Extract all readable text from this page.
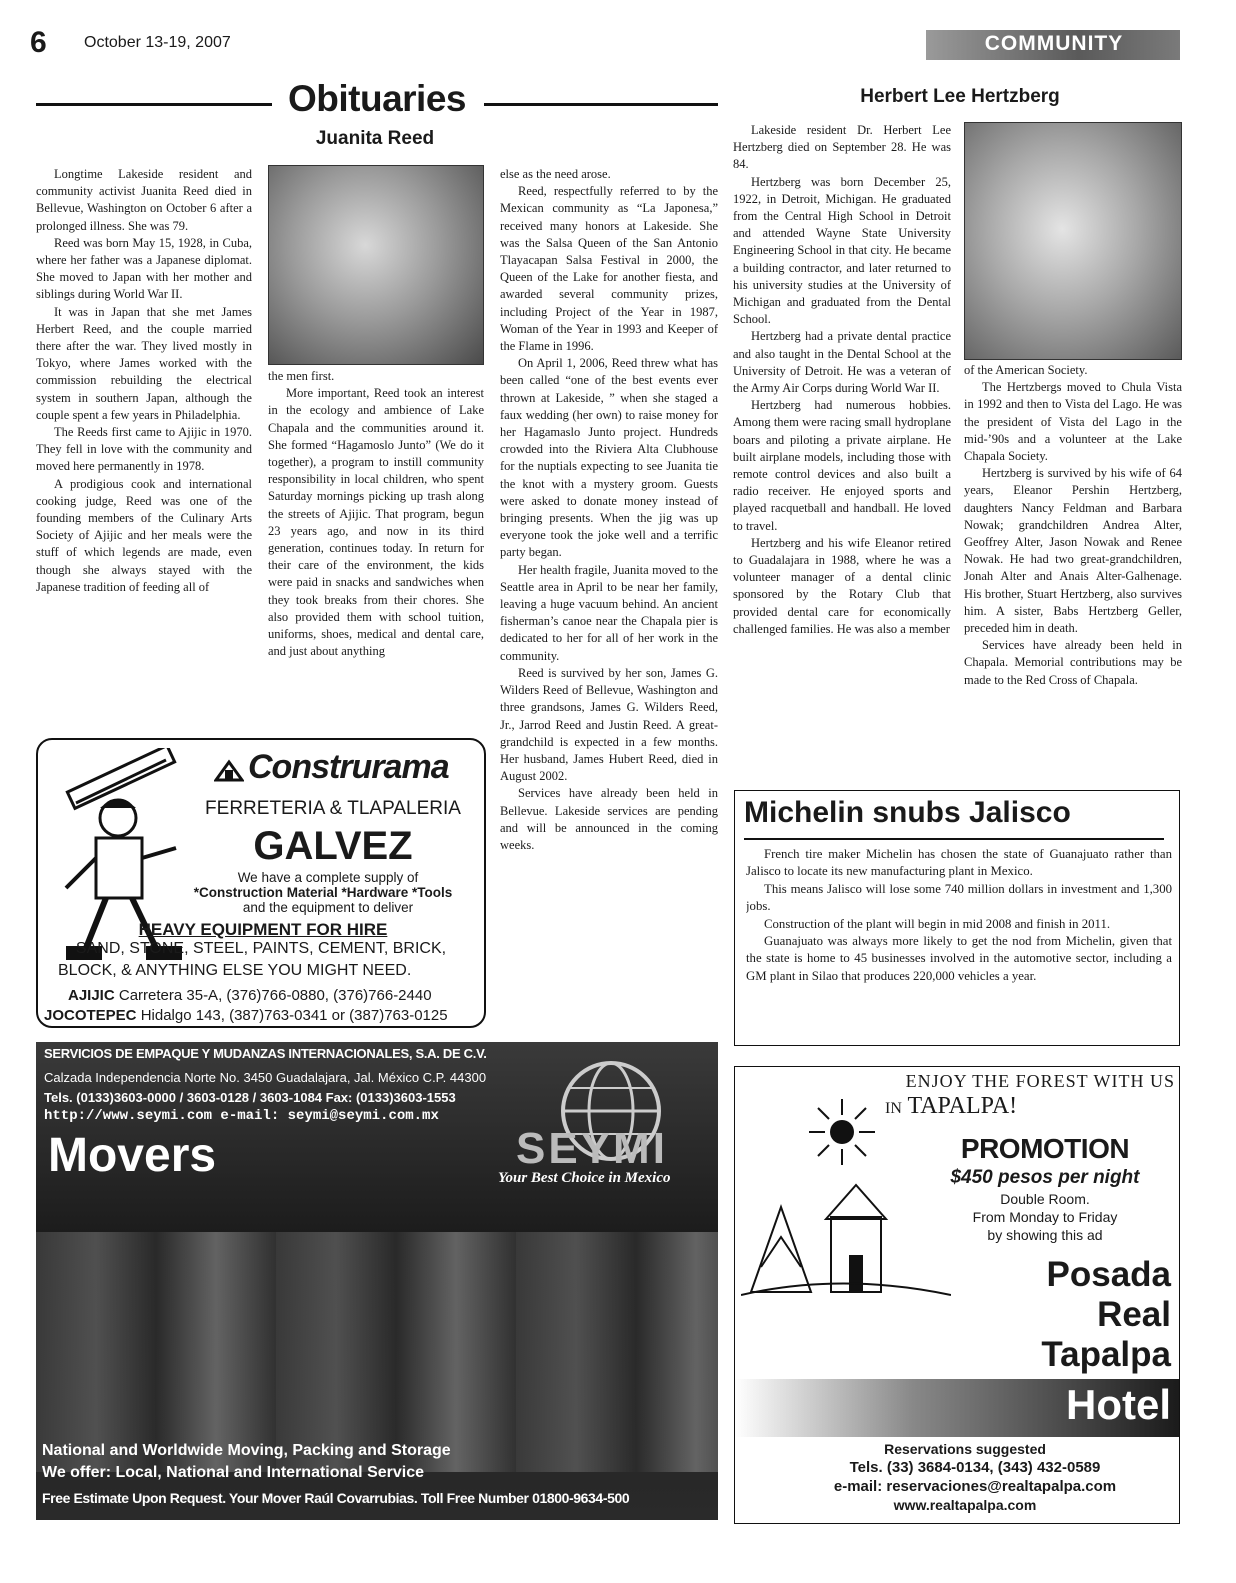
6 October 13-19, 2007	COMMUNITY
Obituaries
Juanita Reed
Herbert Lee Hertzberg

Longtime Lakeside resident and community activist Juanita Reed died in Bellevue, Washington on October 6 after a prolonged illness. She was 79.

Reed was born May 15, 1928, in Cuba, where her father was a Japanese diplomat. She moved to Japan with her mother and siblings during World War II.

It was in Japan that she met James Herbert Reed, and the couple married there after the war. They lived mostly in Tokyo, where James worked with the commission rebuilding the electrical system in southern Japan, although the couple spent a few years in Philadelphia.

The Reeds first came to Ajijic in 1970. They fell in love with the community and moved here permanently in 1978.

A prodigious cook and international cooking judge, Reed was one of the founding members of the Culinary Arts Society of Ajijic and her meals were the stuff of which legends are made, even though she always stayed with the Japanese tradition of feeding all of

the men first.

More important, Reed took an interest in the ecology and ambience of Lake Chapala and the communities around it. She formed “Hagamoslo Junto” (We do it together), a program to instill community responsibility in local children, who spent Saturday mornings picking up trash along the streets of Ajijic. That program, begun 23 years ago, and now in its third generation, continues today. In return for their care of the environment, the kids were paid in snacks and sandwiches when they took breaks from their chores. She also provided them with school tuition, uniforms, shoes, medical and dental care, and just about anything

else as the need arose.

Reed, respectfully referred to by the Mexican community as “La Japonesa,” received many honors at Lakeside. She was the Salsa Queen of the San Antonio Tlayacapan Salsa Festival in 2000, the Queen of the Lake for another fiesta, and awarded several community prizes, including Project of the Year in 1987, Woman of the Year in 1993 and Keeper of the Flame in 1996.

On April 1, 2006, Reed threw what has been called “one of the best events ever thrown at Lakeside, ” when she staged a faux wedding (her own) to raise money for her Hagamaslo Junto project. Hundreds crowded into the Riviera Alta Clubhouse for the nuptials expecting to see Juanita tie the knot with a mystery groom. Guests were asked to donate money instead of bringing presents. When the jig was up everyone took the joke well and a terrific party began.

Her health fragile, Juanita moved to the Seattle area in April to be near her family, leaving a huge vacuum behind. An ancient fisherman’s canoe near the Chapala pier is dedicated to her for all of her work in the community.

Reed is survived by her son, James G. Wilders Reed of Bellevue, Washington and three grandsons, James G. Wilders Reed, Jr., Jarrod Reed and Justin Reed. A great-grandchild is expected in a few months. Her husband, James Hubert Reed, died in August 2002.

Services have already been held in Bellevue. Lakeside services are pending and will be announced in the coming weeks.

Lakeside resident Dr. Herbert Lee Hertzberg died on September 28. He was 84.

Hertzberg was born December 25, 1922, in Detroit, Michigan. He graduated from the Central High School in Detroit and attended Wayne State University Engineering School in that city. He became a building contractor, and later returned to his university studies at the University of Michigan and graduated from the Dental School.

Hertzberg had a private dental practice and also taught in the Dental School at the University of Detroit. He was a veteran of the Army Air Corps during World War II.

Hertzberg had numerous hobbies. Among them were racing small hydroplane boars and piloting a private airplane. He built airplane models, including those with remote control devices and also built a radio receiver. He enjoyed sports and played racquetball and handball. He loved to travel.

Hertzberg and his wife Eleanor retired to Guadalajara in 1988, where he was a volunteer manager of a dental clinic sponsored by the Rotary Club that provided dental care for economically challenged families. He was also a member

of the American Society.

The Hertzbergs moved to Chula Vista in 1992 and then to Vista del Lago. He was the president of Vista del Lago in the mid-’90s and a volunteer at the Lake Chapala Society.

Hertzberg is survived by his wife of 64 years, Eleanor Pershin Hertzberg, daughters Nancy Feldman and Barbara Nowak; grandchildren Andrea Alter, Geoffrey Alter, Jason Nowak and Renee Nowak. He had two great-grandchildren, Jonah Alter and Anais Alter-Galhenage. His brother, Stuart Hertzberg, also survives him. A sister, Babs Hertzberg Geller, preceded him in death.

Services have already been held in Chapala. Memorial contributions may be made to the Red Cross of Chapala.

Construrama
FERRETERIA & TLAPALERIA
GALVEZ
We have a complete supply of
*Construction Material *Hardware *Tools
and the equipment to deliver
HEAVY EQUIPMENT FOR HIRE
SAND, STONE, STEEL, PAINTS, CEMENT, BRICK,
BLOCK, & ANYTHING ELSE YOU MIGHT NEED.
AJIJIC Carretera 35-A, (376)766-0880, (376)766-2440
JOCOTEPEC Hidalgo 143, (387)763-0341 or (387)763-0125
Michelin snubs Jalisco

French tire maker Michelin has chosen the state of Guanajuato rather than Jalisco to locate its new manufacturing plant in Mexico.

This means Jalisco will lose some 740 million dollars in investment and 1,300 jobs.

Construction of the plant will begin in mid 2008 and finish in 2011.

Guanajuato was always more likely to get the nod from Michelin, given that the state is home to 45 businesses involved in the automotive sector, including a GM plant in Silao that produces 220,000 vehicles a year.

SERVICIOS DE EMPAQUE Y MUDANZAS INTERNACIONALES, S.A. DE C.V.
Calzada Independencia Norte No. 3450 Guadalajara, Jal. México C.P. 44300
Tels. (0133)3603-0000 / 3603-0128 / 3603-1084 Fax: (0133)3603-1553
http://www.seymi.com e-mail: seymi@seymi.com.mx
Movers	SEYMI
Your Best Choice in Mexico
National and Worldwide Moving, Packing and Storage
We offer: Local, National and International Service
Free Estimate Upon Request. Your Mover Raúl Covarrubias. Toll Free Number 01800-9634-500
ENJOY THE FOREST WITH US
IN TAPALPA!
PROMOTION
$450 pesos per night
Double Room.
From Monday to Friday
by showing this ad
Posada
Real
Tapalpa
Hotel
Reservations suggested
Tels. (33) 3684-0134, (343) 432-0589
e-mail: reservaciones@realtapalpa.com
www.realtapalpa.com
